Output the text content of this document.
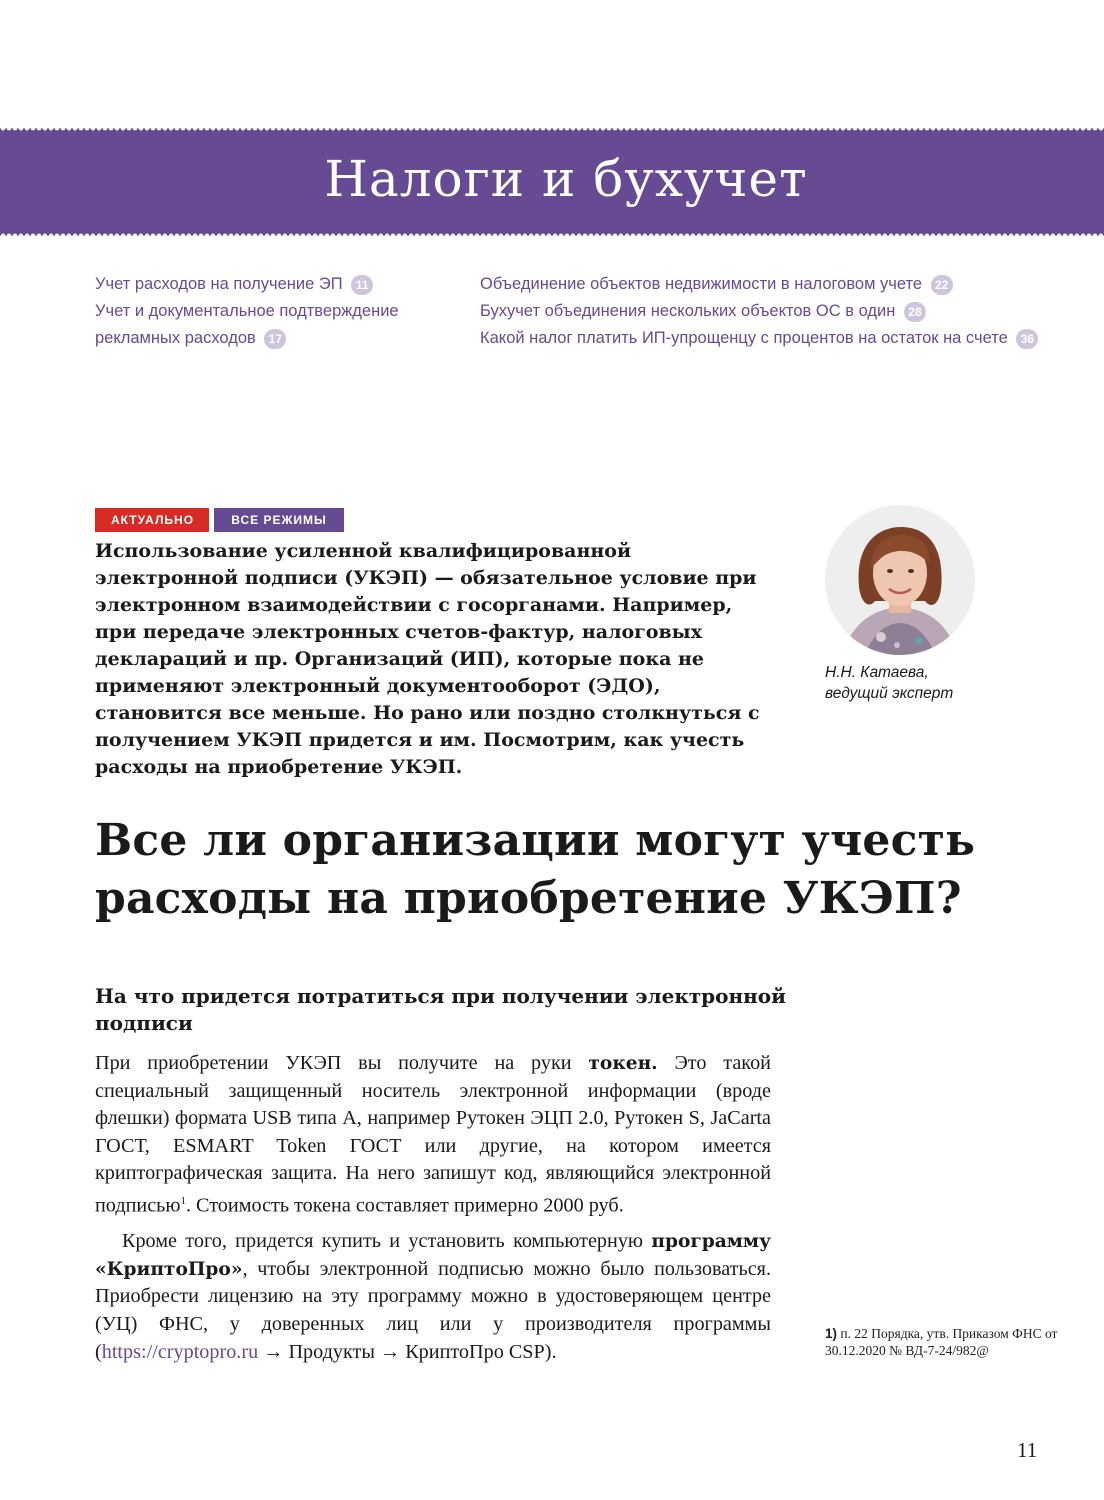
Налоги и бухучет
Учет расходов на получение ЭП 11
Учет и документальное подтверждение
рекламных расходов 17
Объединение объектов недвижимости в налоговом учете 22
Бухучет объединения нескольких объектов ОС в один 28
Какой налог платить ИП-упрощенцу с процентов на остаток на счете 36
АКТУАЛЬНО	ВСЕ РЕЖИМЫ

Использование усиленной квалифицированной электронной подписи (УКЭП) — обязательное условие при электронном взаимодействии с госорганами. Например, при передаче электронных счетов-фактур, налоговых деклараций и пр. Организаций (ИП), которые пока не применяют электронный документооборот (ЭДО), становится все меньше. Но рано или поздно столкнуться с получением УКЭП придется и им. Посмотрим, как учесть расходы на приобретение УКЭП.

Н.Н. Катаева,
ведущий эксперт
Все ли организации могут учесть расходы на приобретение УКЭП?
На что придется потратиться при получении электронной подписи

При приобретении УКЭП вы получите на руки токен. Это такой специальный защищенный носитель электронной информации (вроде флешки) формата USB типа A, например Рутокен ЭЦП 2.0, Рутокен S, JaCarta ГОСТ, ESMART Token ГОСТ или другие, на котором имеется криптографическая защита. На него запишут код, являющийся электронной подписью$^1$. Стоимость токена составляет примерно 2000 руб.

Кроме того, придется купить и установить компьютерную программу «КриптоПро», чтобы электронной подписью можно было пользоваться. Приобрести лицензию на эту программу можно в удостоверяющем центре (УЦ) ФНС, у доверенных лиц или у производителя программы (https://cryptopro.ru → Продукты → КриптоПро CSP).

1) п. 22 Порядка, утв. Приказом ФНС от 30.12.2020 № ВД-7-24/982@
11
